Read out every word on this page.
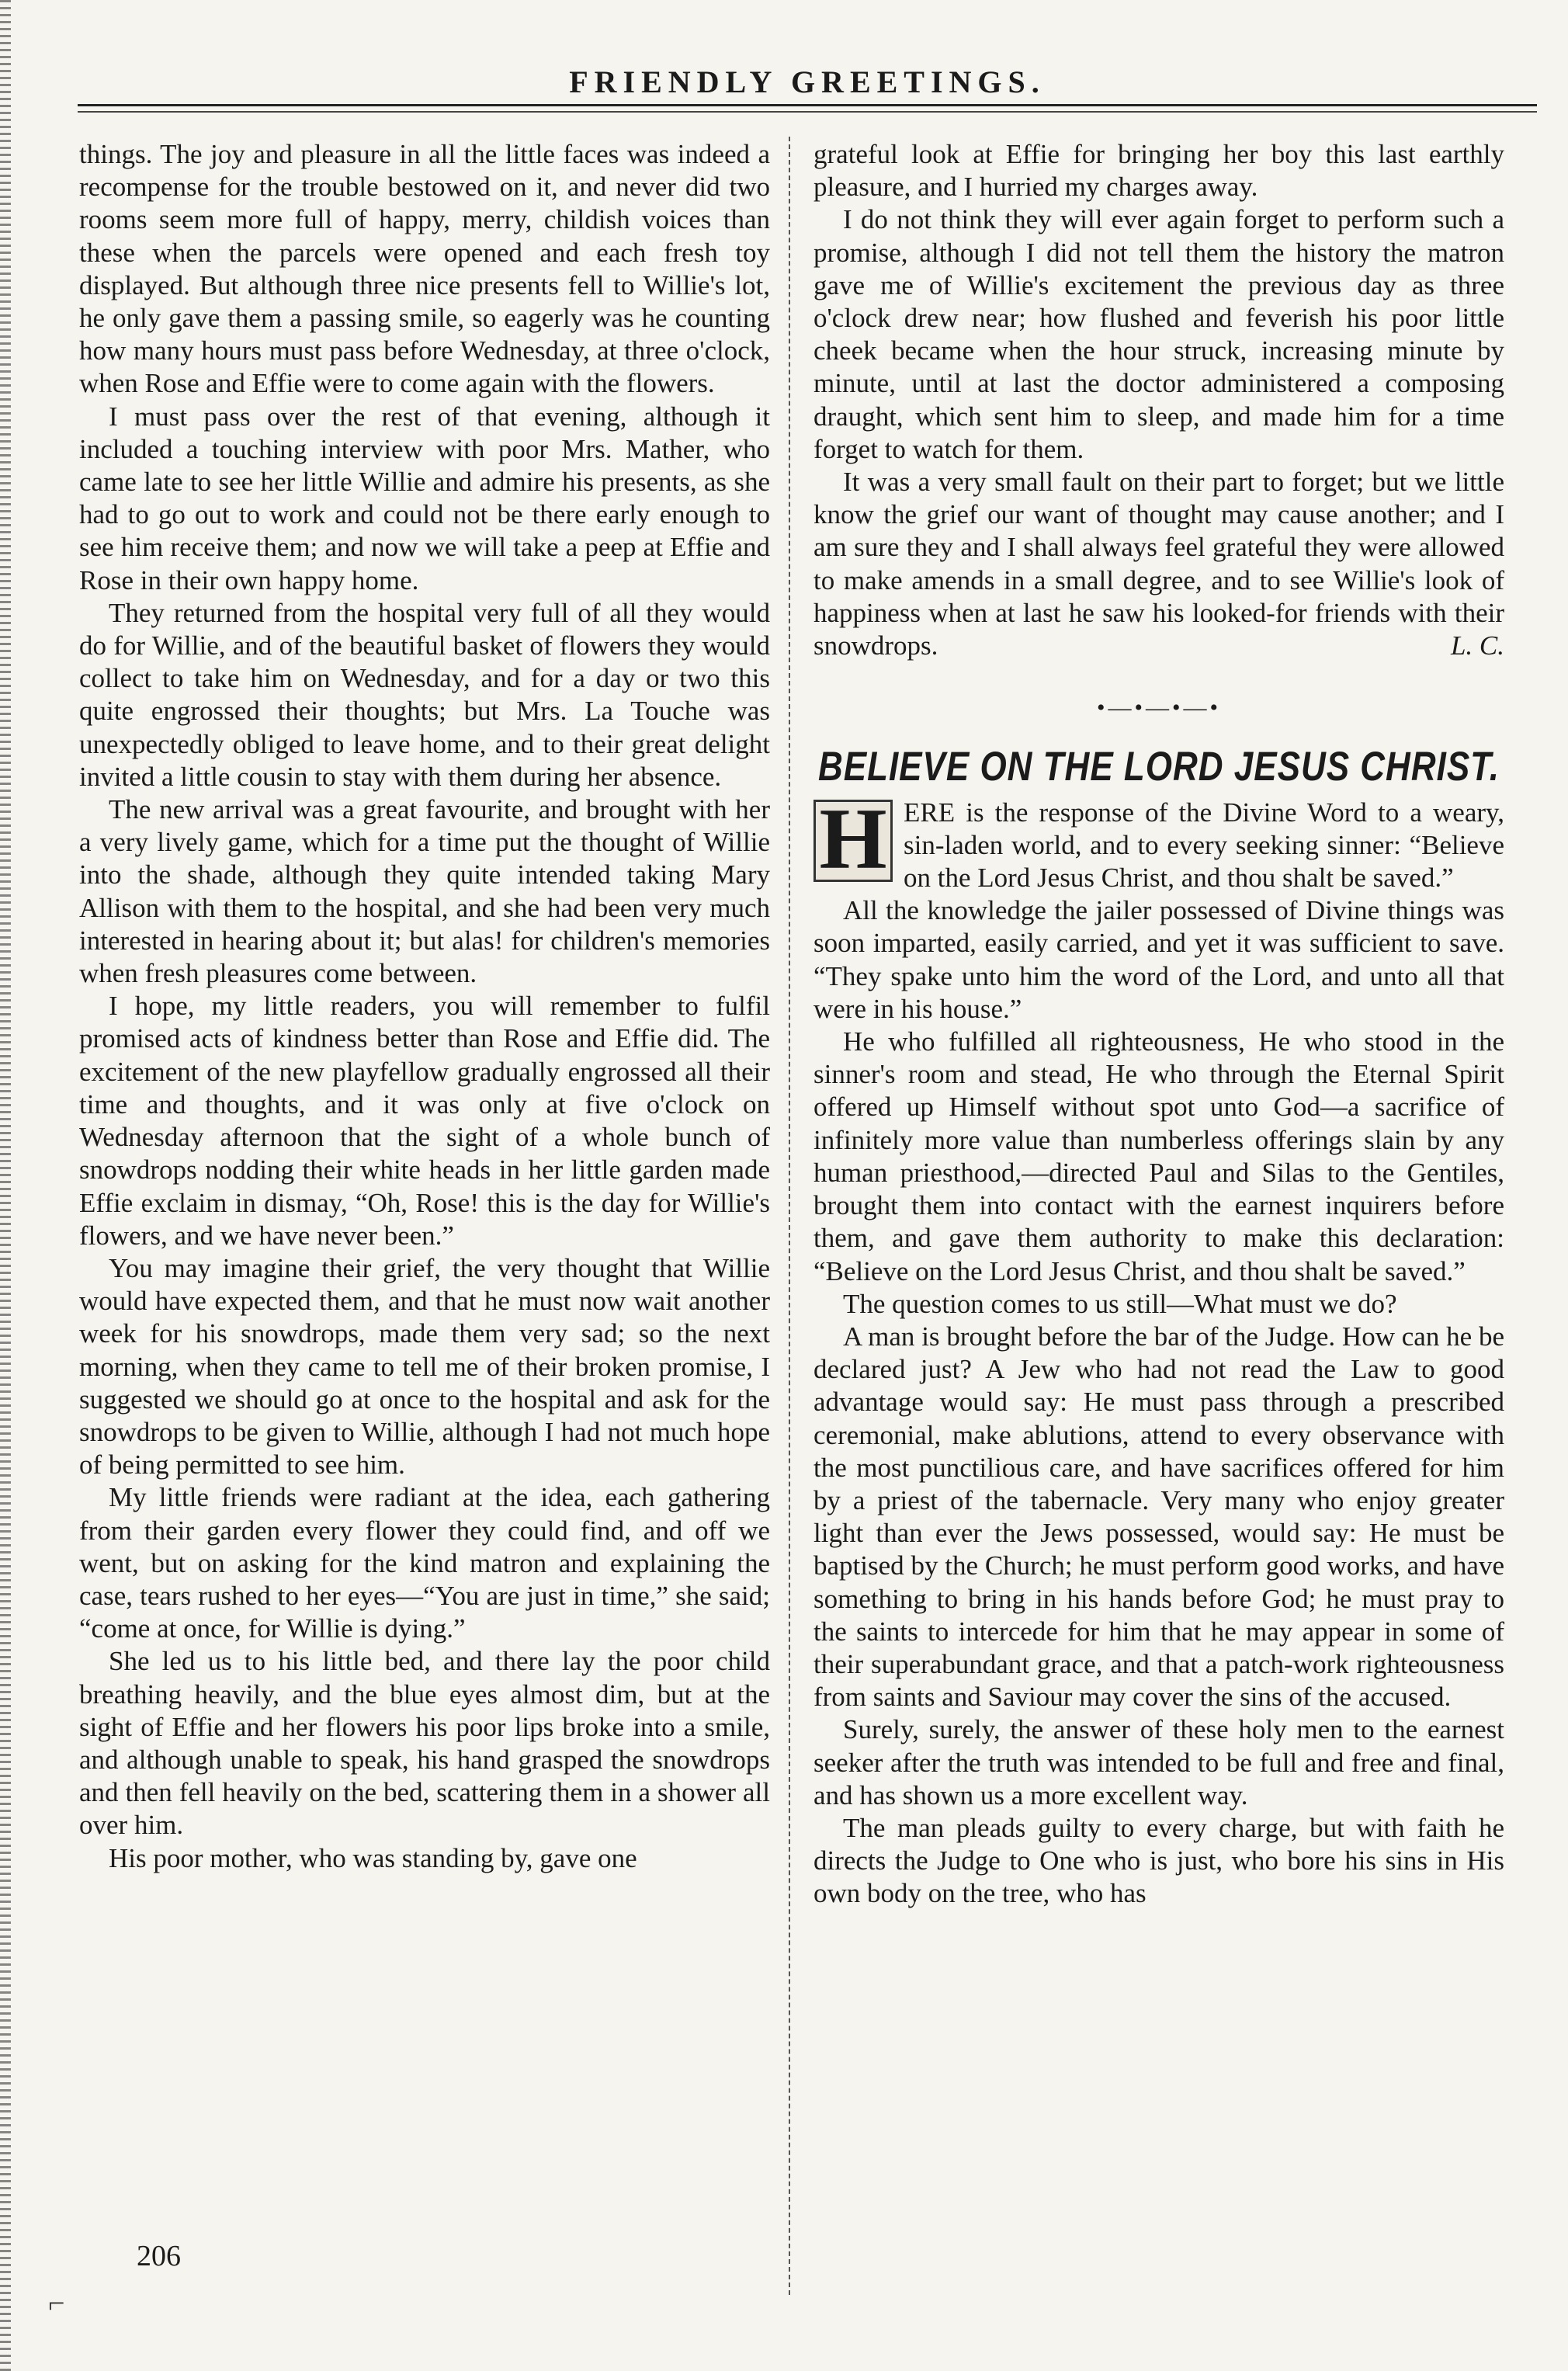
FRIENDLY GREETINGS.

things. The joy and pleasure in all the little faces was indeed a recompense for the trouble bestowed on it, and never did two rooms seem more full of happy, merry, childish voices than these when the parcels were opened and each fresh toy displayed. But although three nice presents fell to Willie's lot, he only gave them a passing smile, so eagerly was he counting how many hours must pass before Wednesday, at three o'clock, when Rose and Effie were to come again with the flowers.

I must pass over the rest of that evening, although it included a touching interview with poor Mrs. Mather, who came late to see her little Willie and admire his presents, as she had to go out to work and could not be there early enough to see him receive them; and now we will take a peep at Effie and Rose in their own happy home.

They returned from the hospital very full of all they would do for Willie, and of the beautiful basket of flowers they would collect to take him on Wednesday, and for a day or two this quite engrossed their thoughts; but Mrs. La Touche was unexpectedly obliged to leave home, and to their great delight invited a little cousin to stay with them during her absence.

The new arrival was a great favourite, and brought with her a very lively game, which for a time put the thought of Willie into the shade, although they quite intended taking Mary Allison with them to the hospital, and she had been very much interested in hearing about it; but alas! for children's memories when fresh pleasures come between.

I hope, my little readers, you will remember to fulfil promised acts of kindness better than Rose and Effie did. The excitement of the new playfellow gradually engrossed all their time and thoughts, and it was only at five o'clock on Wednesday afternoon that the sight of a whole bunch of snowdrops nodding their white heads in her little garden made Effie exclaim in dismay, “Oh, Rose! this is the day for Willie's flowers, and we have never been.”

You may imagine their grief, the very thought that Willie would have expected them, and that he must now wait another week for his snowdrops, made them very sad; so the next morning, when they came to tell me of their broken promise, I suggested we should go at once to the hospital and ask for the snowdrops to be given to Willie, although I had not much hope of being permitted to see him.

My little friends were radiant at the idea, each gathering from their garden every flower they could find, and off we went, but on asking for the kind matron and explaining the case, tears rushed to her eyes—“You are just in time,” she said; “come at once, for Willie is dying.”

She led us to his little bed, and there lay the poor child breathing heavily, and the blue eyes almost dim, but at the sight of Effie and her flowers his poor lips broke into a smile, and although unable to speak, his hand grasped the snowdrops and then fell heavily on the bed, scattering them in a shower all over him.

His poor mother, who was standing by, gave one

grateful look at Effie for bringing her boy this last earthly pleasure, and I hurried my charges away.

I do not think they will ever again forget to perform such a promise, although I did not tell them the history the matron gave me of Willie's excitement the previous day as three o'clock drew near; how flushed and feverish his poor little cheek became when the hour struck, increasing minute by minute, until at last the doctor administered a composing draught, which sent him to sleep, and made him for a time forget to watch for them.

It was a very small fault on their part to forget; but we little know the grief our want of thought may cause another; and I am sure they and I shall always feel grateful they were allowed to make amends in a small degree, and to see Willie's look of happiness when at last he saw his looked-for friends with their snowdrops.	L. C.

•—•—•—•
BELIEVE ON THE LORD JESUS CHRIST.

H ERE is the response of the Divine Word to a weary, sin-laden world, and to every seeking sinner: “Believe on the Lord Jesus Christ, and thou shalt be saved.”

All the knowledge the jailer possessed of Divine things was soon imparted, easily carried, and yet it was sufficient to save. “They spake unto him the word of the Lord, and unto all that were in his house.”

He who fulfilled all righteousness, He who stood in the sinner's room and stead, He who through the Eternal Spirit offered up Himself without spot unto God—a sacrifice of infinitely more value than numberless offerings slain by any human priesthood,—directed Paul and Silas to the Gentiles, brought them into contact with the earnest inquirers before them, and gave them authority to make this declaration: “Believe on the Lord Jesus Christ, and thou shalt be saved.”

The question comes to us still—What must we do?

A man is brought before the bar of the Judge. How can he be declared just? A Jew who had not read the Law to good advantage would say: He must pass through a prescribed ceremonial, make ablutions, attend to every observance with the most punctilious care, and have sacrifices offered for him by a priest of the tabernacle. Very many who enjoy greater light than ever the Jews possessed, would say: He must be baptised by the Church; he must perform good works, and have something to bring in his hands before God; he must pray to the saints to intercede for him that he may appear in some of their superabundant grace, and that a patch-work righteousness from saints and Saviour may cover the sins of the accused.

Surely, surely, the answer of these holy men to the earnest seeker after the truth was intended to be full and free and final, and has shown us a more excellent way.

The man pleads guilty to every charge, but with faith he directs the Judge to One who is just, who bore his sins in His own body on the tree, who has

206
⌐
